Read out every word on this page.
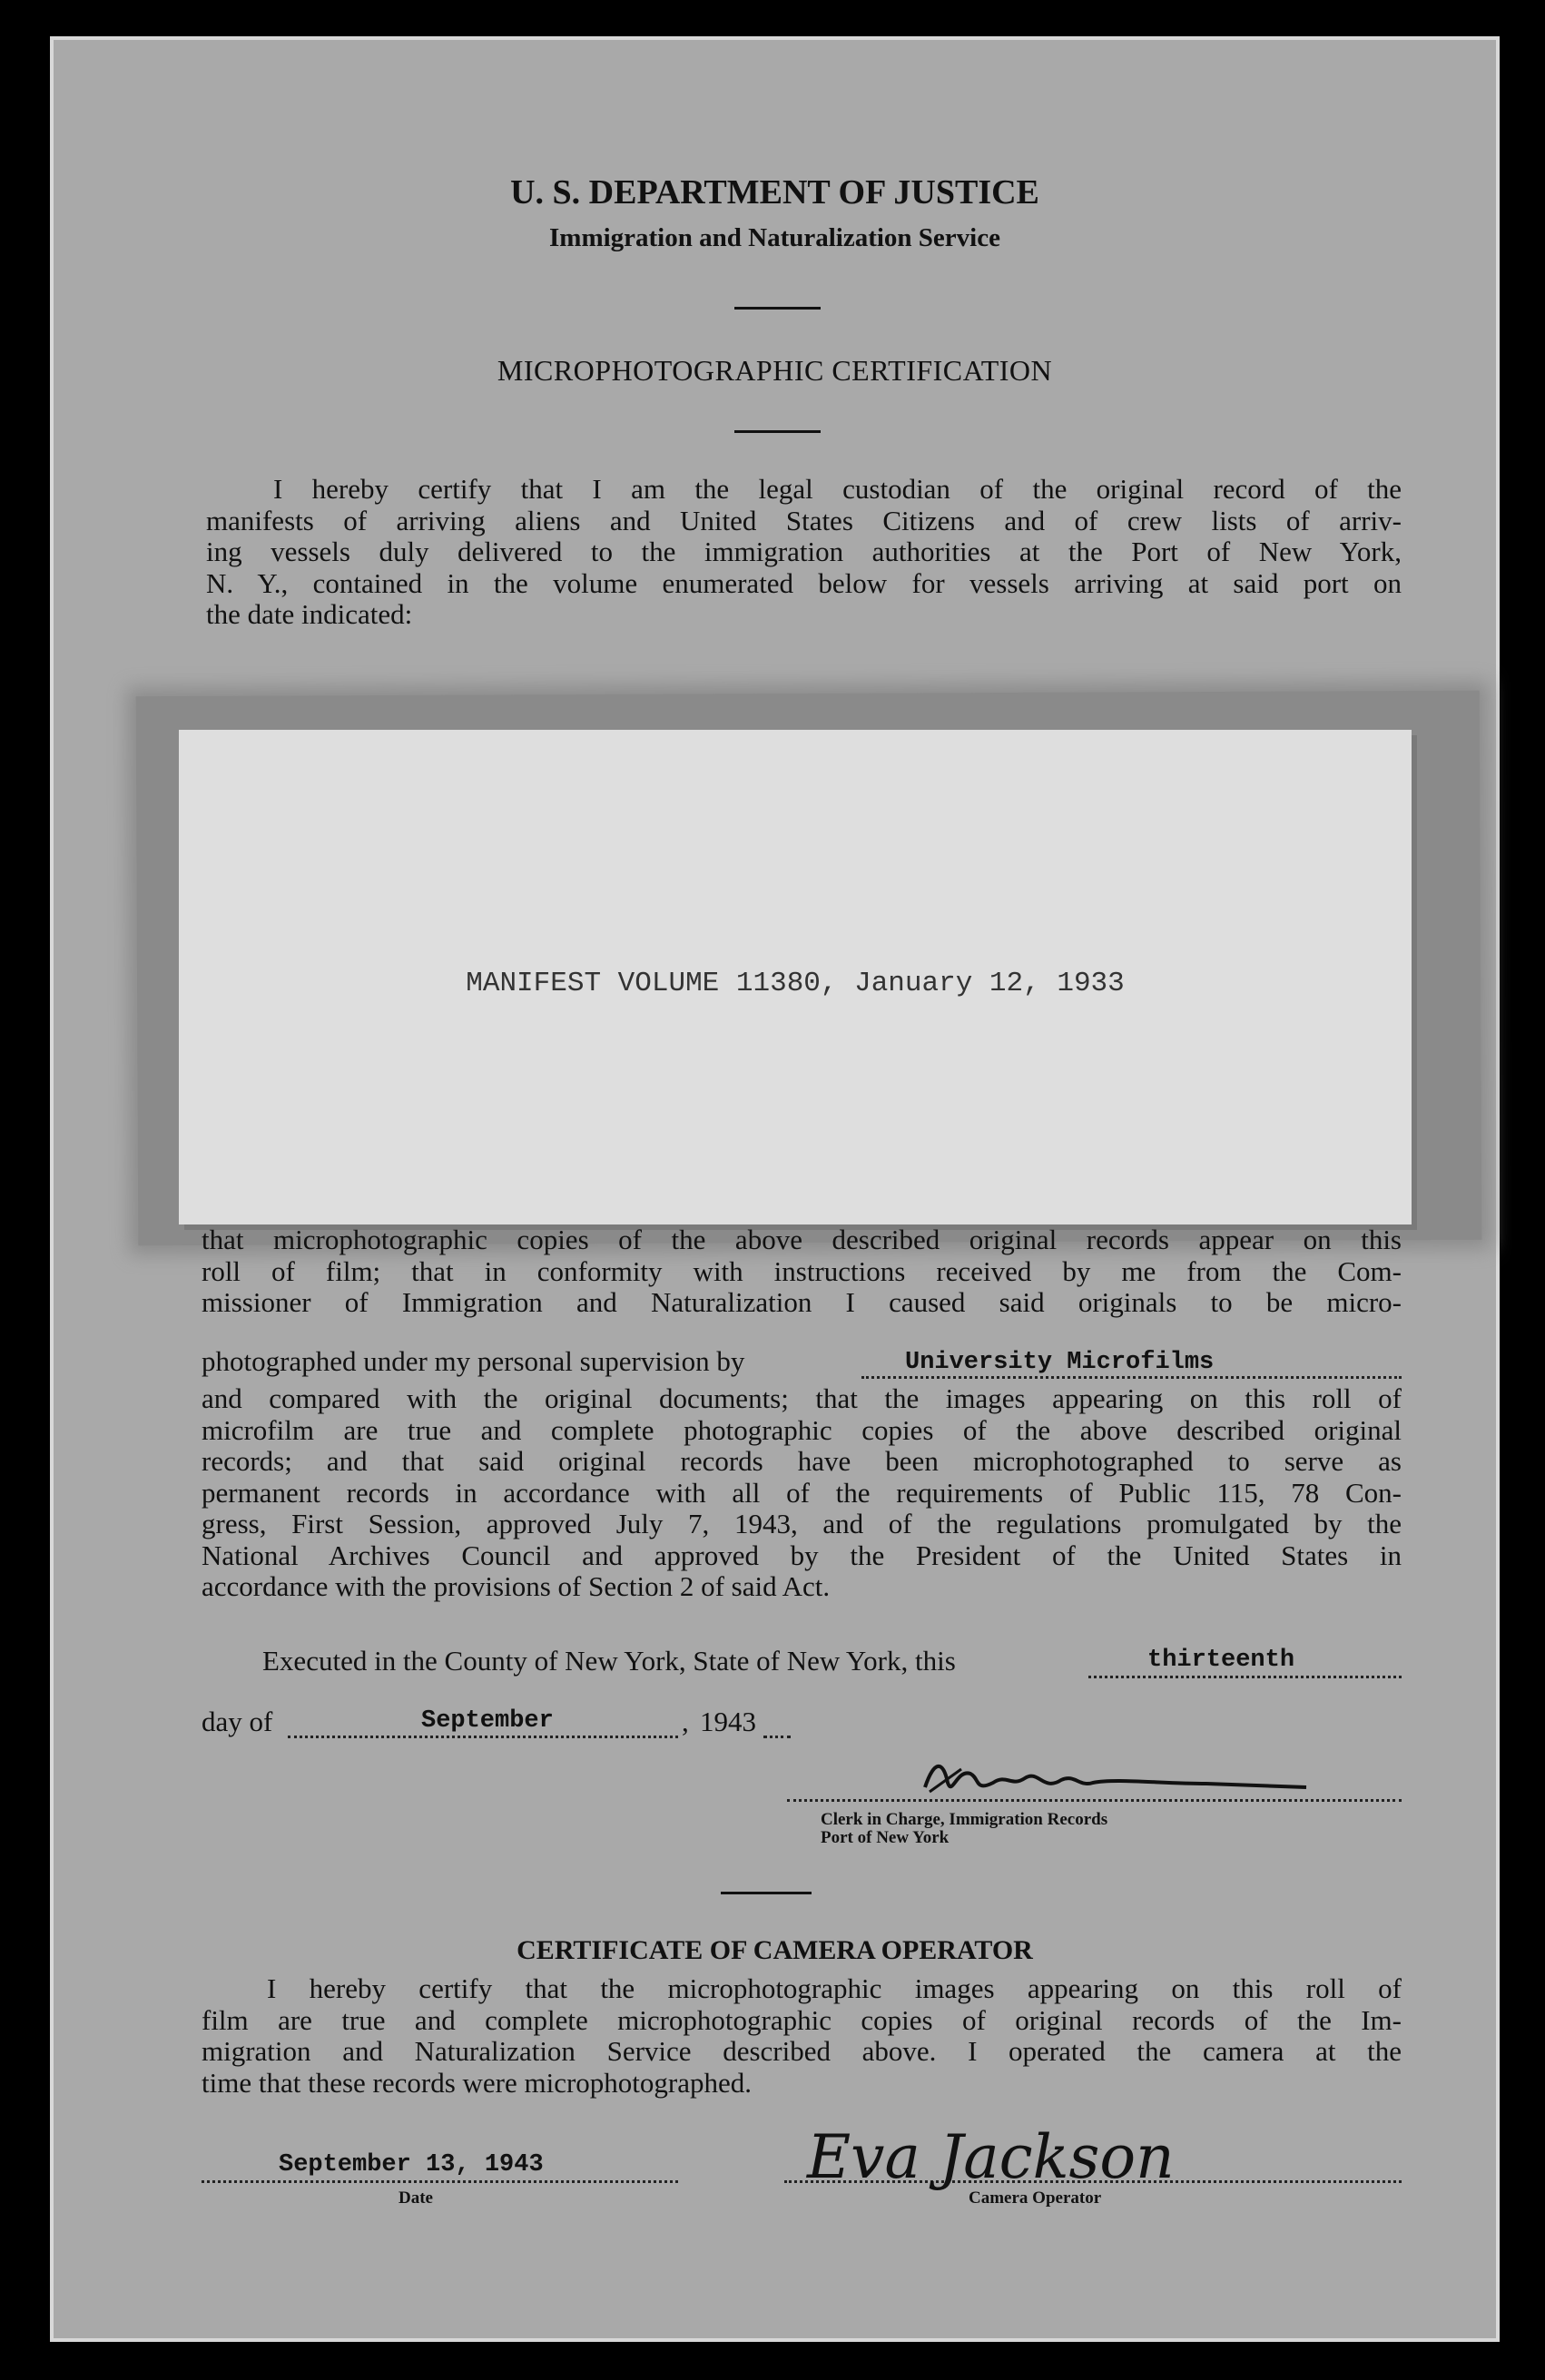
U. S. DEPARTMENT OF JUSTICE
Immigration and Naturalization Service
MICROPHOTOGRAPHIC CERTIFICATION
I hereby certify that I am the legal custodian of the original record of the
manifests of arriving aliens and United States Citizens and of crew lists of arriv-
ing vessels duly delivered to the immigration authorities at the Port of New York,
N. Y., contained in the volume enumerated below for vessels arriving at said port on
the date indicated:
MANIFEST VOLUME 11380, January 12, 1933
that microphotographic copies of the above described original records appear on this
roll of film; that in conformity with instructions received by me from the Com-
missioner of Immigration and Naturalization I caused said originals to be micro-
photographed under my personal supervision by	University Microfilms
and compared with the original documents; that the images appearing on this roll of
microfilm are true and complete photographic copies of the above described original
records; and that said original records have been microphotographed to serve as
permanent records in accordance with all of the requirements of Public 115, 78 Con-
gress, First Session, approved July 7, 1943, and of the regulations promulgated by the
National Archives Council and approved by the President of the United States in
accordance with the provisions of Section 2 of said Act.
Executed in the County of New York, State of New York, this	thirteenth
day of	September	, 1943
Clerk in Charge, Immigration Records
Port of New York
CERTIFICATE OF CAMERA OPERATOR
I hereby certify that the microphotographic images appearing on this roll of
film are true and complete microphotographic copies of original records of the Im-
migration and Naturalization Service described above. I operated the camera at the
time that these records were microphotographed.
September 13, 1943
Date
Eva Jackson
Camera Operator
